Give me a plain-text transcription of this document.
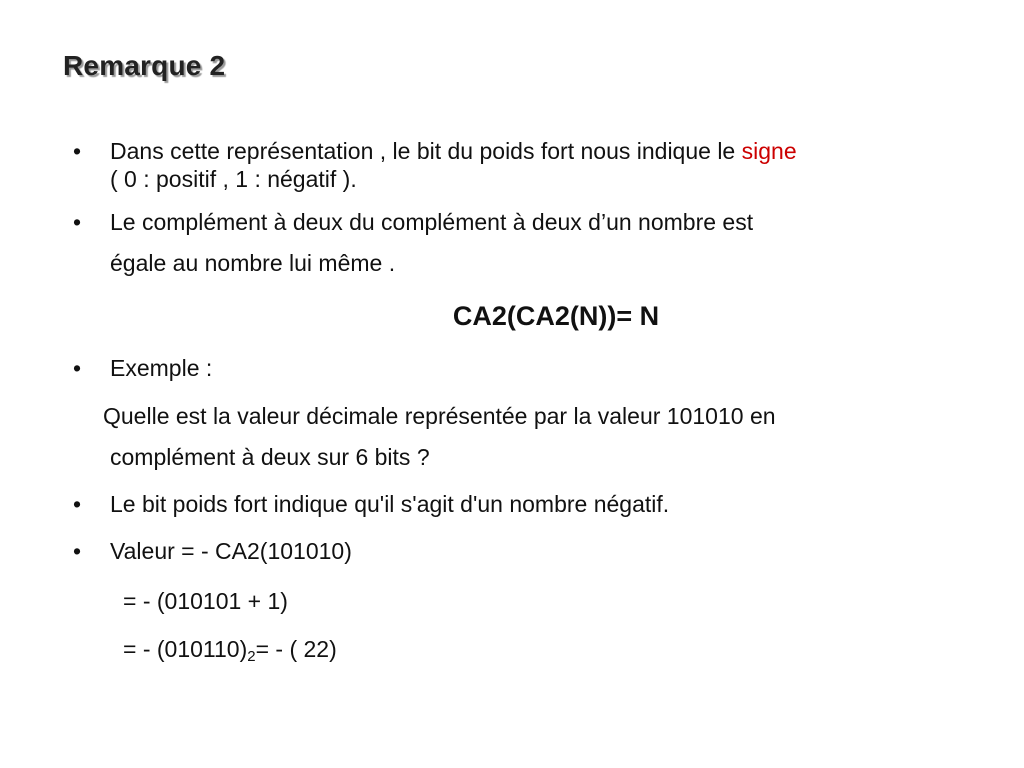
Remarque 2
• Dans cette représentation , le bit du poids fort nous indique le signe
( 0 : positif , 1 : négatif ).
• Le complément à deux du complément à deux d’un nombre est
égale au nombre lui même .
CA2(CA2(N))= N
• Exemple :
Quelle est la valeur décimale représentée par la valeur 101010 en
complément à deux sur 6 bits ?
• Le bit poids fort indique qu'il s'agit d'un nombre négatif.
• Valeur = - CA2(101010)
= - (010101 + 1)
= - $(010110)_2=$ - ( 22)
